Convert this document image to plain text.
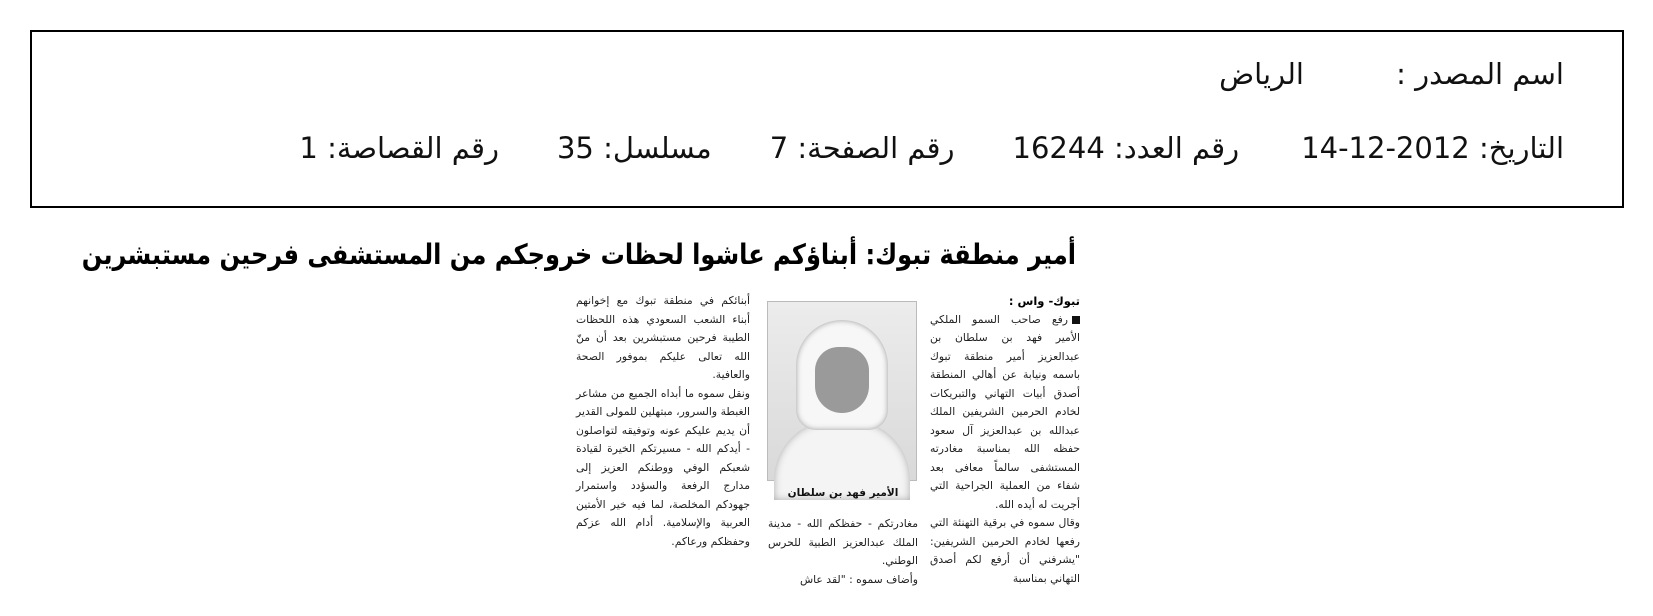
اسم المصدر :الرياض
التاريخ: 14-12-2012رقم العدد: 16244رقم الصفحة: 7مسلسل: 35رقم القصاصة: 1
أمير منطقة تبوك: أبناؤكم عاشوا لحظات خروجكم من المستشفى فرحين مستبشرين
تبوك- واس :
رفع صاحب السمو الملكي الأمير فهد بن سلطان بن عبدالعزيز أمير منطقة تبوك باسمه ونيابة عن أهالي المنطقة أصدق أبيات التهاني والتبريكات لخادم الحرمين الشريفين الملك عبدالله بن عبدالعزيز آل سعود حفظه الله بمناسبة مغادرته المستشفى سالماً معافى بعد شفاء من العملية الجراحية التي أجريت له أيده الله.
وقال سموه في برقية التهنئة التي رفعها لخادم الحرمين الشريفين: "يشرفني أن أرفع لكم أصدق التهاني بمناسبة
الأمير فهد بن سلطان
مغادرتكم - حفظكم الله - مدينة الملك عبدالعزيز الطبية للحرس الوطني.
وأضاف سموه : "لقد عاش
أبنائكم في منطقة تبوك مع إخوانهم أبناء الشعب السعودي هذه اللحظات الطيبة فرحين مستبشرين بعد أن منّ الله تعالى عليكم بموفور الصحة والعافية.
ونقل سموه ما أبداه الجميع من مشاعر الغبطة والسرور، مبتهلين للمولى القدير أن يديم عليكم عونه وتوفيقه لتواصلون - أيدكم الله - مسيرتكم الخيرة لقيادة شعبكم الوفي ووطنكم العزيز إلى مدارج الرفعة والسؤدد واستمرار جهودكم المخلصة، لما فيه خير الأمتين العربية والإسلامية. أدام الله عزكم وحفظكم ورعاكم.
